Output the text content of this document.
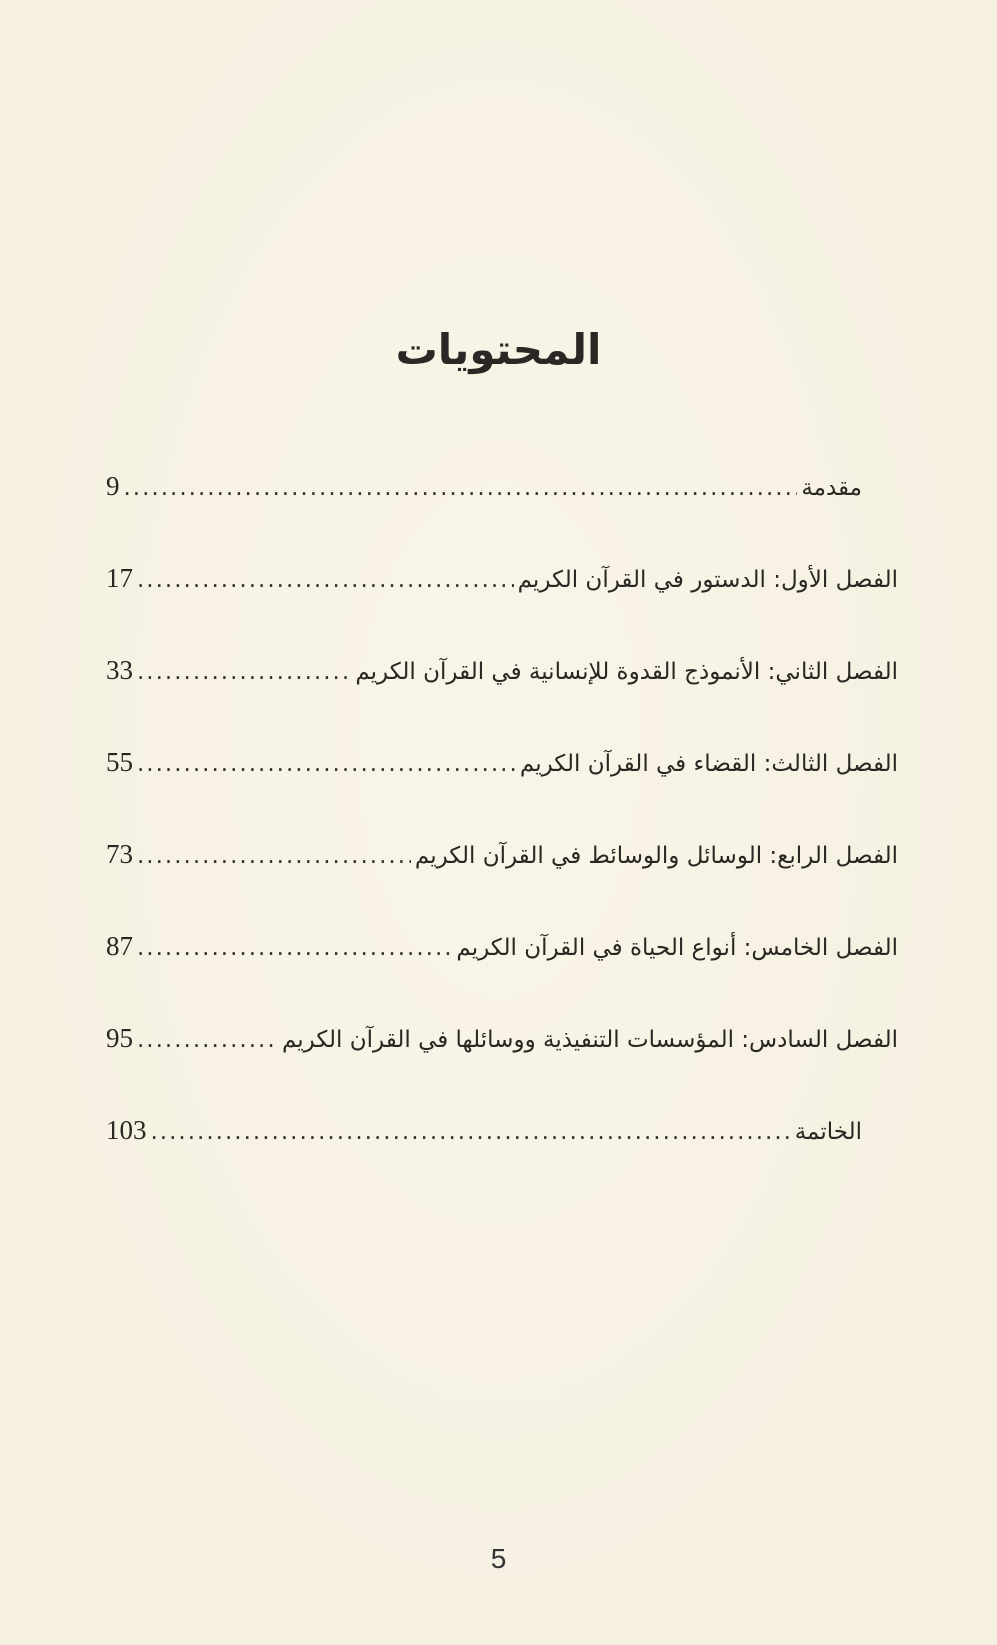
المحتويات
مقدمة
.....
9
الفصل الأول: الدستور في القرآن الكريم
.....
17
الفصل الثاني: الأنموذج القدوة للإنسانية في القرآن الكريم
.....
33
الفصل الثالث: القضاء في القرآن الكريم
.....
55
الفصل الرابع: الوسائل والوسائط في القرآن الكريم
.....
73
الفصل الخامس: أنواع الحياة في القرآن الكريم
.....
87
الفصل السادس: المؤسسات التنفيذية ووسائلها في القرآن الكريم
.....
95
الخاتمة
.....
103
5
